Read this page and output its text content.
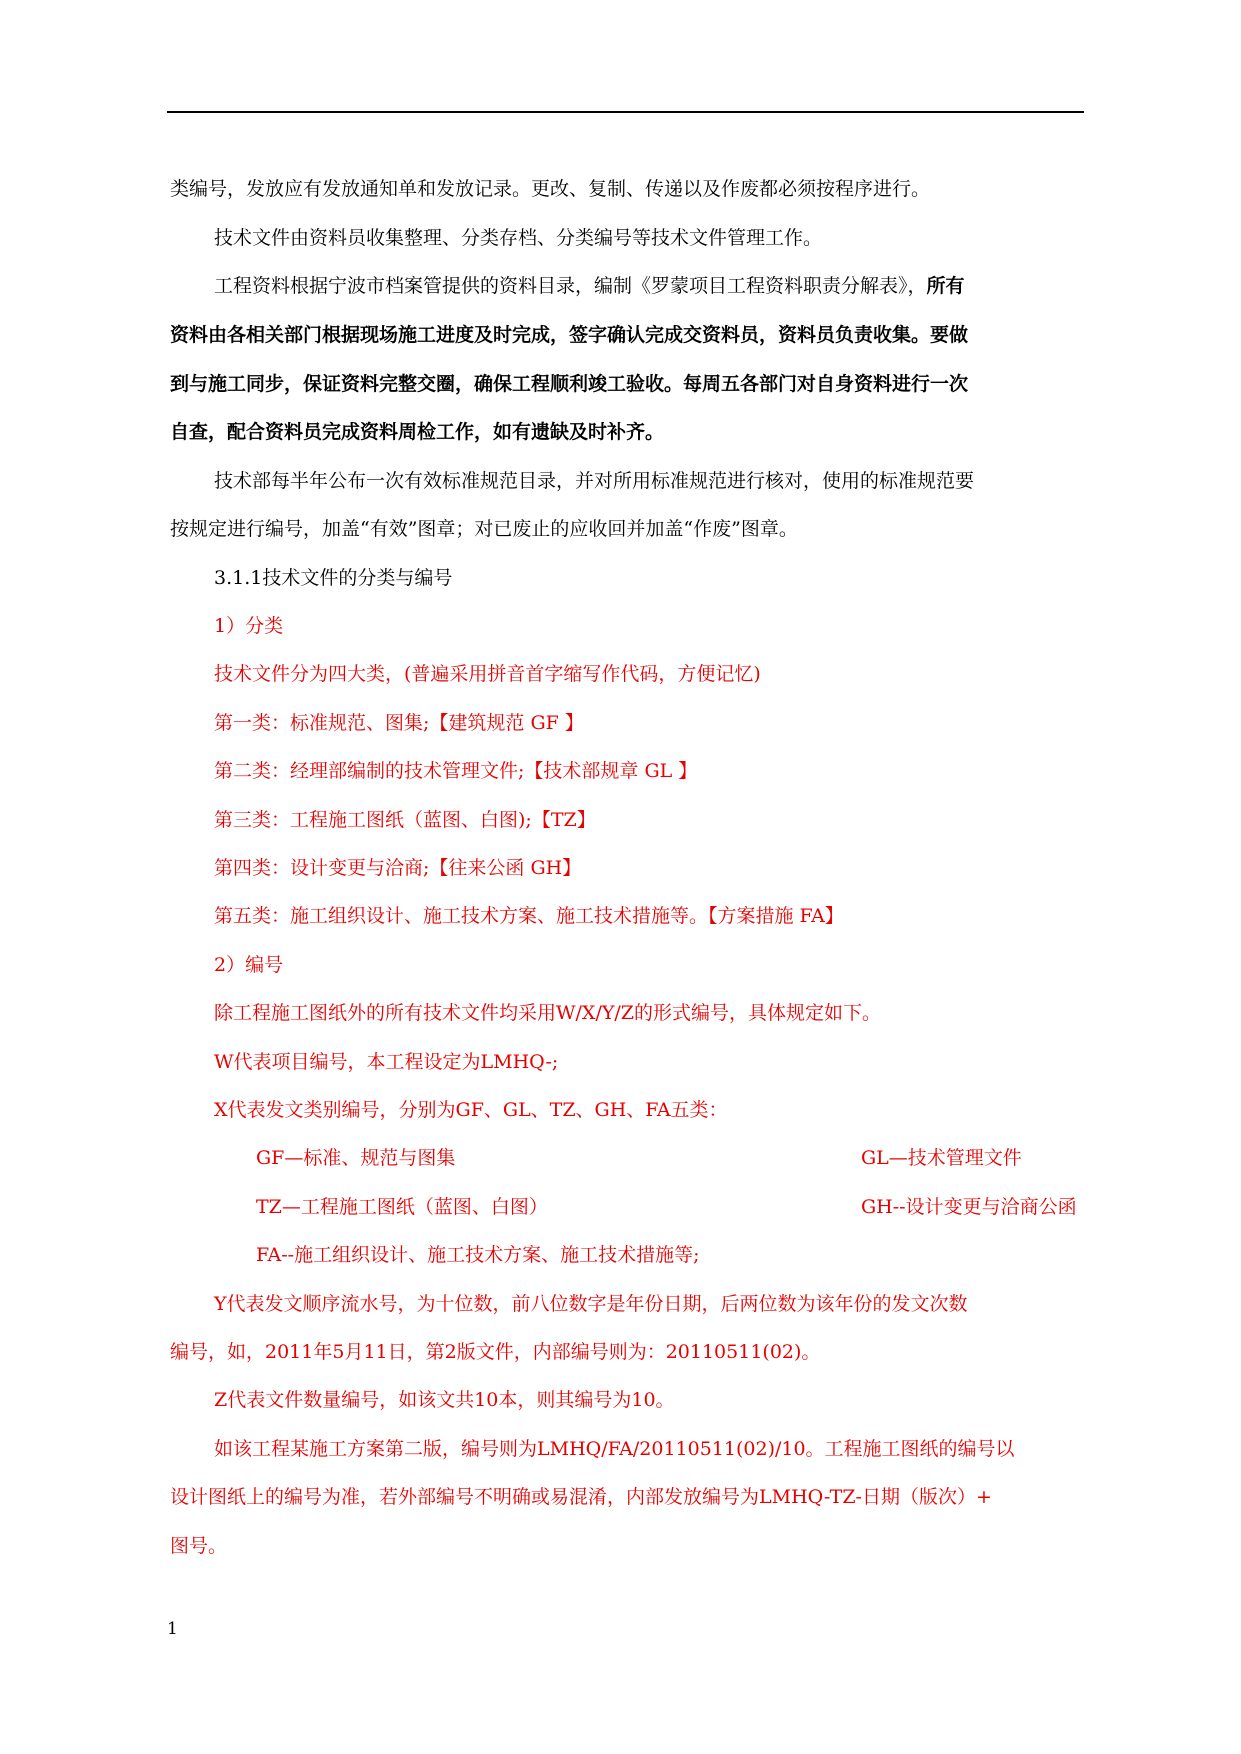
类编号，发放应有发放通知单和发放记录。更改、复制、传递以及作废都必须按程序进行。
技术文件由资料员收集整理、分类存档、分类编号等技术文件管理工作。
工程资料根据宁波市档案管提供的资料目录，编制《罗蒙项目工程资料职责分解表》，所有
资料由各相关部门根据现场施工进度及时完成，签字确认完成交资料员，资料员负责收集。要做
到与施工同步，保证资料完整交圈，确保工程顺利竣工验收。每周五各部门对自身资料进行一次
自查，配合资料员完成资料周检工作，如有遗缺及时补齐。
技术部每半年公布一次有效标准规范目录，并对所用标准规范进行核对，使用的标准规范要
按规定进行编号，加盖“有效”图章；对已废止的应收回并加盖“作废”图章。
3.1.1技术文件的分类与编号
1）分类
技术文件分为四大类，(普遍采用拼音首字缩写作代码，方便记忆)
第一类：标准规范、图集;【建筑规范 GF 】
第二类：经理部编制的技术管理文件;【技术部规章 GL 】
第三类：工程施工图纸（蓝图、白图);【TZ】
第四类：设计变更与洽商;【往来公函 GH】
第五类：施工组织设计、施工技术方案、施工技术措施等。【方案措施 FA】
2）编号
除工程施工图纸外的所有技术文件均采用W/X/Y/Z的形式编号，具体规定如下。
W代表项目编号，本工程设定为LMHQ-;
X代表发文类别编号，分别为GF、GL、TZ、GH、FA五类：
GF—标准、规范与图集	GL—技术管理文件
TZ—工程施工图纸（蓝图、白图）	GH--设计变更与洽商公函
FA--施工组织设计、施工技术方案、施工技术措施等;
Y代表发文顺序流水号，为十位数，前八位数字是年份日期，后两位数为该年份的发文次数
编号，如，2011年5月11日，第2版文件，内部编号则为：20110511(02)。
Z代表文件数量编号，如该文共10本，则其编号为10。
如该工程某施工方案第二版，编号则为LMHQ/FA/20110511(02)/10。工程施工图纸的编号以
设计图纸上的编号为准，若外部编号不明确或易混淆，内部发放编号为LMHQ-TZ-日期（版次）+
图号。
1
